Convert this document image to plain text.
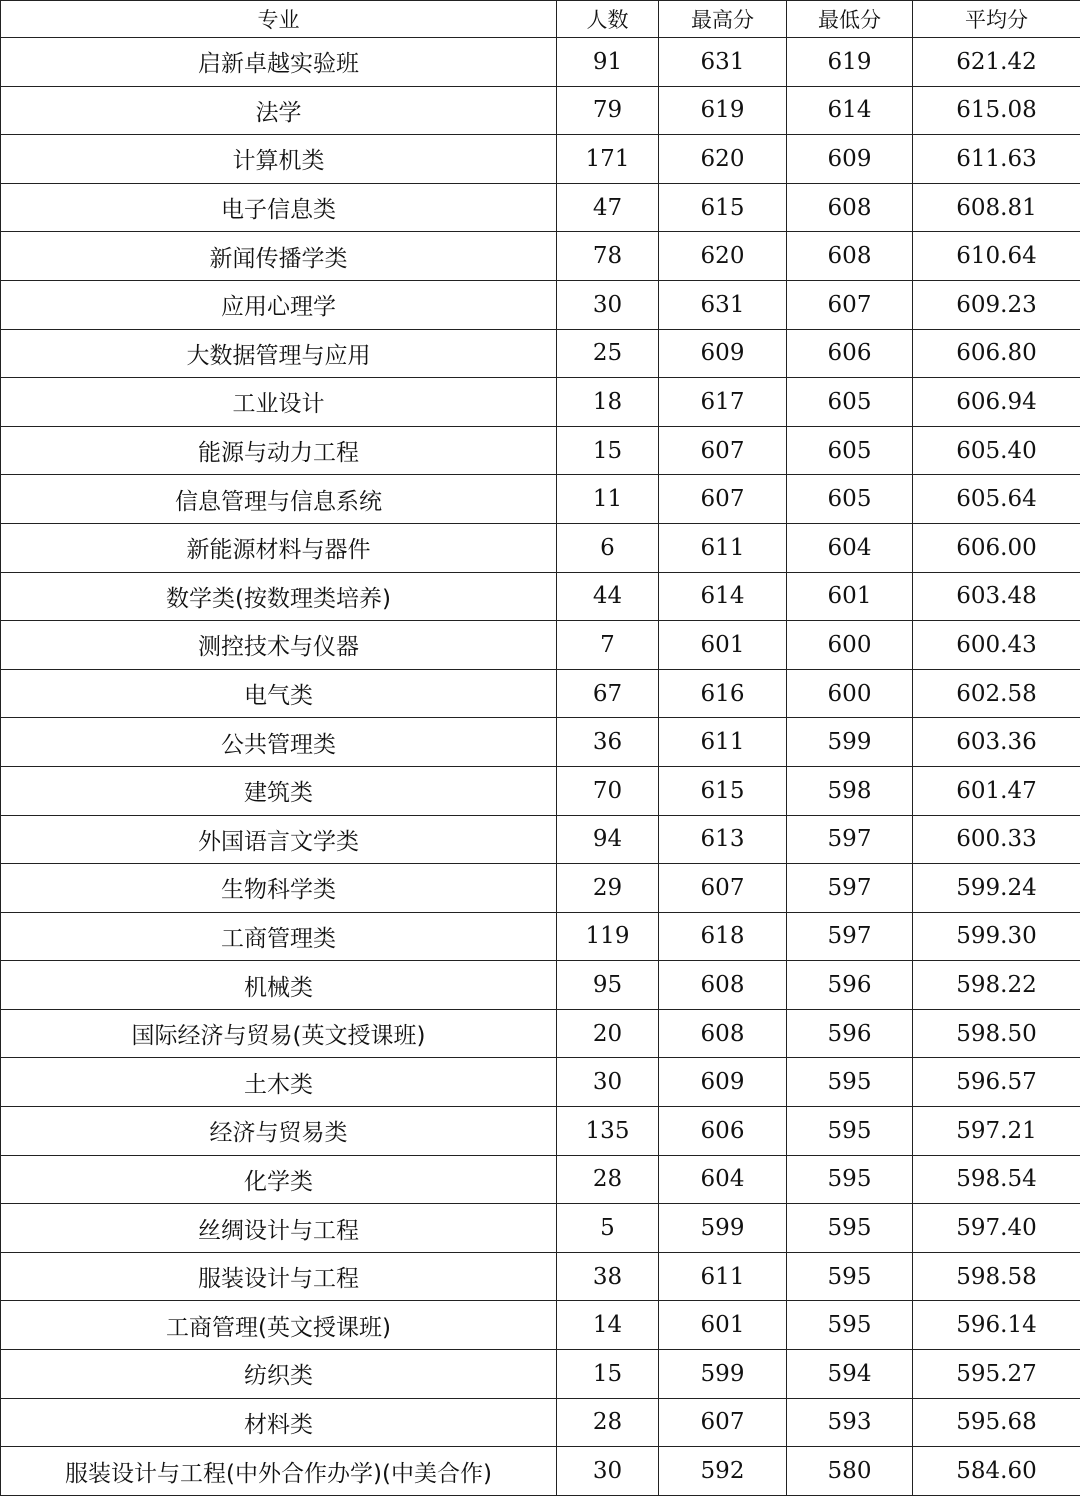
专业	人数	最高分	最低分	平均分
启新卓越实验班	91	631	619	621.42
法学	79	619	614	615.08
计算机类	171	620	609	611.63
电子信息类	47	615	608	608.81
新闻传播学类	78	620	608	610.64
应用心理学	30	631	607	609.23
大数据管理与应用	25	609	606	606.80
工业设计	18	617	605	606.94
能源与动力工程	15	607	605	605.40
信息管理与信息系统	11	607	605	605.64
新能源材料与器件	6	611	604	606.00
数学类(按数理类培养)	44	614	601	603.48
测控技术与仪器	7	601	600	600.43
电气类	67	616	600	602.58
公共管理类	36	611	599	603.36
建筑类	70	615	598	601.47
外国语言文学类	94	613	597	600.33
生物科学类	29	607	597	599.24
工商管理类	119	618	597	599.30
机械类	95	608	596	598.22
国际经济与贸易(英文授课班)	20	608	596	598.50
土木类	30	609	595	596.57
经济与贸易类	135	606	595	597.21
化学类	28	604	595	598.54
丝绸设计与工程	5	599	595	597.40
服装设计与工程	38	611	595	598.58
工商管理(英文授课班)	14	601	595	596.14
纺织类	15	599	594	595.27
材料类	28	607	593	595.68
服装设计与工程(中外合作办学)(中美合作)	30	592	580	584.60
